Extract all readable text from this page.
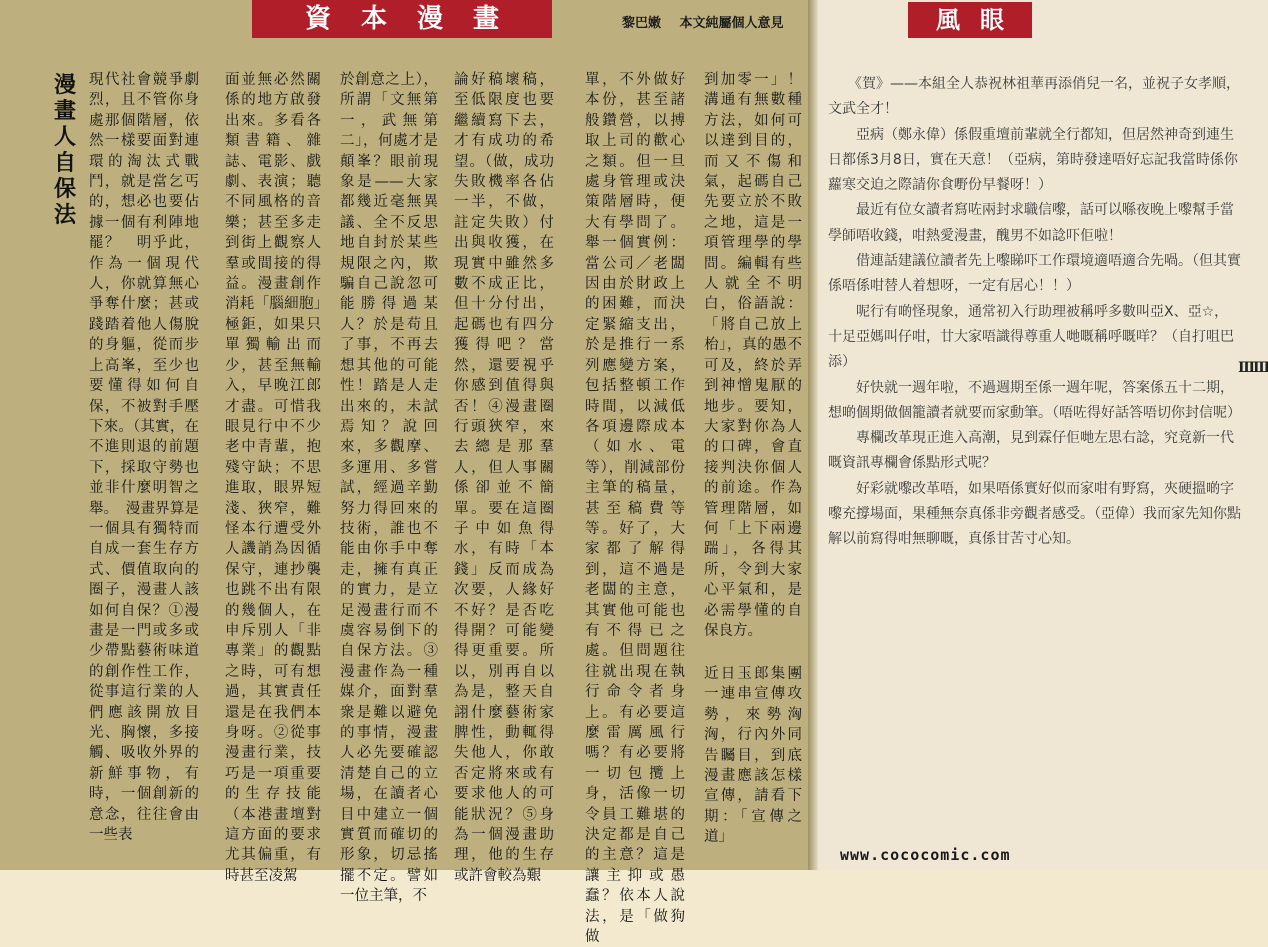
資本漫畫	黎巴嫩 本文純屬個人意見
漫畫人自保法
現代社會競爭劇烈，且不管你身處那個階層，依然一樣要面對連環的淘汰式戰鬥，就是當乞丐的，想必也要佔據一個有利陣地罷？　明乎此，作為一個現代人，你就算無心爭奪什麼；甚或踐踏着他人傷脫的身軀，從而步上高峯，至少也要懂得如何自保，不被對手壓下來。（其實，在不進則退的前題下，採取守勢也並非什麼明智之舉。　漫畫界算是一個具有獨特而自成一套生存方式、價值取向的圈子，漫畫人該如何自保？①漫畫是一門或多或少帶點藝術味道的創作性工作，從事這行業的人們應該開放目光、胸懷，多接觸、吸收外界的新鮮事物，有時，一個創新的意念，往往會由一些表
面並無必然關係的地方啟發出來。多看各類書籍、雜誌、電影、戲劇、表演；聽不同風格的音樂；甚至多走到街上觀察人羣或間接的得益。漫畫創作消耗「腦細胞」極鉅，如果只單獨輸出而少，甚至無輸入，早晚江郎才盡。可惜我眼見行中不少老中青輩，抱殘守缺；不思進取，眼界短淺、狹窄，難怪本行遭受外人譏誚為因循保守，連抄襲也跳不出有限的幾個人，在申斥別人「非專業」的觀點之時，可有想過，其實責任還是在我們本身呀。②從事漫畫行業，技巧是一項重要的生存技能（本港畫壇對這方面的要求尤其偏重，有時甚至凌駕
於創意之上），所謂「文無第一，武無第二」，何處才是顛峯？眼前現象是——大家都幾近毫無異議、全不反思地自封於某些規限之內，欺騙自己說忽可能勝得過某人？於是苟且了事，不再去想其他的可能性！踏是人走出來的，未試焉知？說回來，多觀摩、多運用、多嘗試，經過辛勤努力得回來的技術，誰也不能由你手中奪走，擁有真正的實力，是立足漫畫行而不虞容易倒下的自保方法。③漫畫作為一種媒介，面對羣衆是難以避免的事情，漫畫人必先要確認清楚自己的立場，在讀者心目中建立一個實質而確切的形象，切忌搖擺不定。譬如一位主筆，不
論好稿壞稿，至低限度也要繼續寫下去，才有成功的希望。（做，成功失敗機率各佔一半，不做，註定失敗）付出與收獲，在現實中雖然多數不成正比，但十分付出，起碼也有四分獲得吧？當然，還要視乎你感到值得與否！④漫畫圈行頭狹窄，來去總是那羣人，但人事關係卻並不簡單。要在這圈子中如魚得水，有時「本錢」反而成為次要，人緣好不好？是否吃得開？可能變得更重要。所以，別再自以為是，整天自詡什麼藝術家脾性，動輒得失他人，你敢否定將來或有要求他人的可能狀況？⑤身為一個漫畫助理，他的生存或許會較為艱
單，不外做好本份，甚至諸般鑽營，以搏取上司的歡心之類。但一旦處身管理或決策階層時，便大有學問了。舉一個實例：當公司／老闆因由於財政上的困難，而決定緊縮支出，於是推行一系列應變方案，包括整頓工作時間，以減低各項邊際成本（如水、電等），削減部份主筆的稿量，甚至稿費等等。好了，大家都了解得到，這不過是老闆的主意，其實他可能也有不得已之處。但問題往往就出現在執行命令者身上。有必要這麼雷厲風行嗎？有必要將一切包攬上身，活像一切令員工難堪的決定都是自己的主意？這是讓主抑或愚蠢？依本人說法，是「做狗做
到加零一」！溝通有無數種方法，如何可以達到目的，而又不傷和氣，起碼自己先要立於不敗之地，這是一項管理學的學問。編輯有些人就全不明白，俗語說：「將自己放上枱」，真的愚不可及，終於弄到神憎鬼厭的地步。要知，大家對你為人的口碑，會直接判決你個人的前途。作為管理階層，如何「上下兩邊踹」，各得其所，令到大家心平氣和，是必需學懂的自保良方。
近日玉郎集團一連串宣傳攻勢，來勢洶洶，行內外同告矚目，到底漫畫應該怎樣宣傳，請看下期：「宣傳之道」
風眼

《賀》——本組全人恭祝林祖華再添俏兒一名，並祝子女孝順，文武全才！

亞病（鄭永偉）係假重壇前輩就全行都知，但居然神奇到連生日都係3月8日，實在天意！（亞病，第時發達唔好忘記我當時係你蘿寒交迫之際請你食嘢份早餐呀！）

最近有位女讀者寫咗兩封求職信嚟，話可以喺夜晚上嚟幫手當學師唔收錢，咁熱愛漫畫，醜男不如諗吓佢啦！

借連話建議位讀者先上嚟睇吓工作環境適唔適合先喎。（但其實係唔係咁替人着想呀，一定有居心！！）

呢行有啲怪現象，通常初入行助理被稱呼多數叫亞X、亞☆，十足亞媽叫仔咁，廿大家唔識得尊重人哋嘅稱呼嘅咩？（自打咀巴添）

好快就一週年啦，不過週期至係一週年呢，答案係五十二期，想啲個期做個籠讀者就要而家動筆。（唔咗得好話答唔切你封信呢）

專欄改革現正進入高潮，見到霖仔佢哋左思右諗，究竟新一代嘅資訊專欄會係點形式呢？

好彩就嚟改革唔，如果唔係實好似而家咁有野寫，夾硬搵啲字嚟充撐場面，果種無奈真係非旁觀者感受。（亞偉）我而家先知你點解以前寫得咁無聊嘅，真係甘苦寸心知。

ⅢⅢ
www.cococomic.com
